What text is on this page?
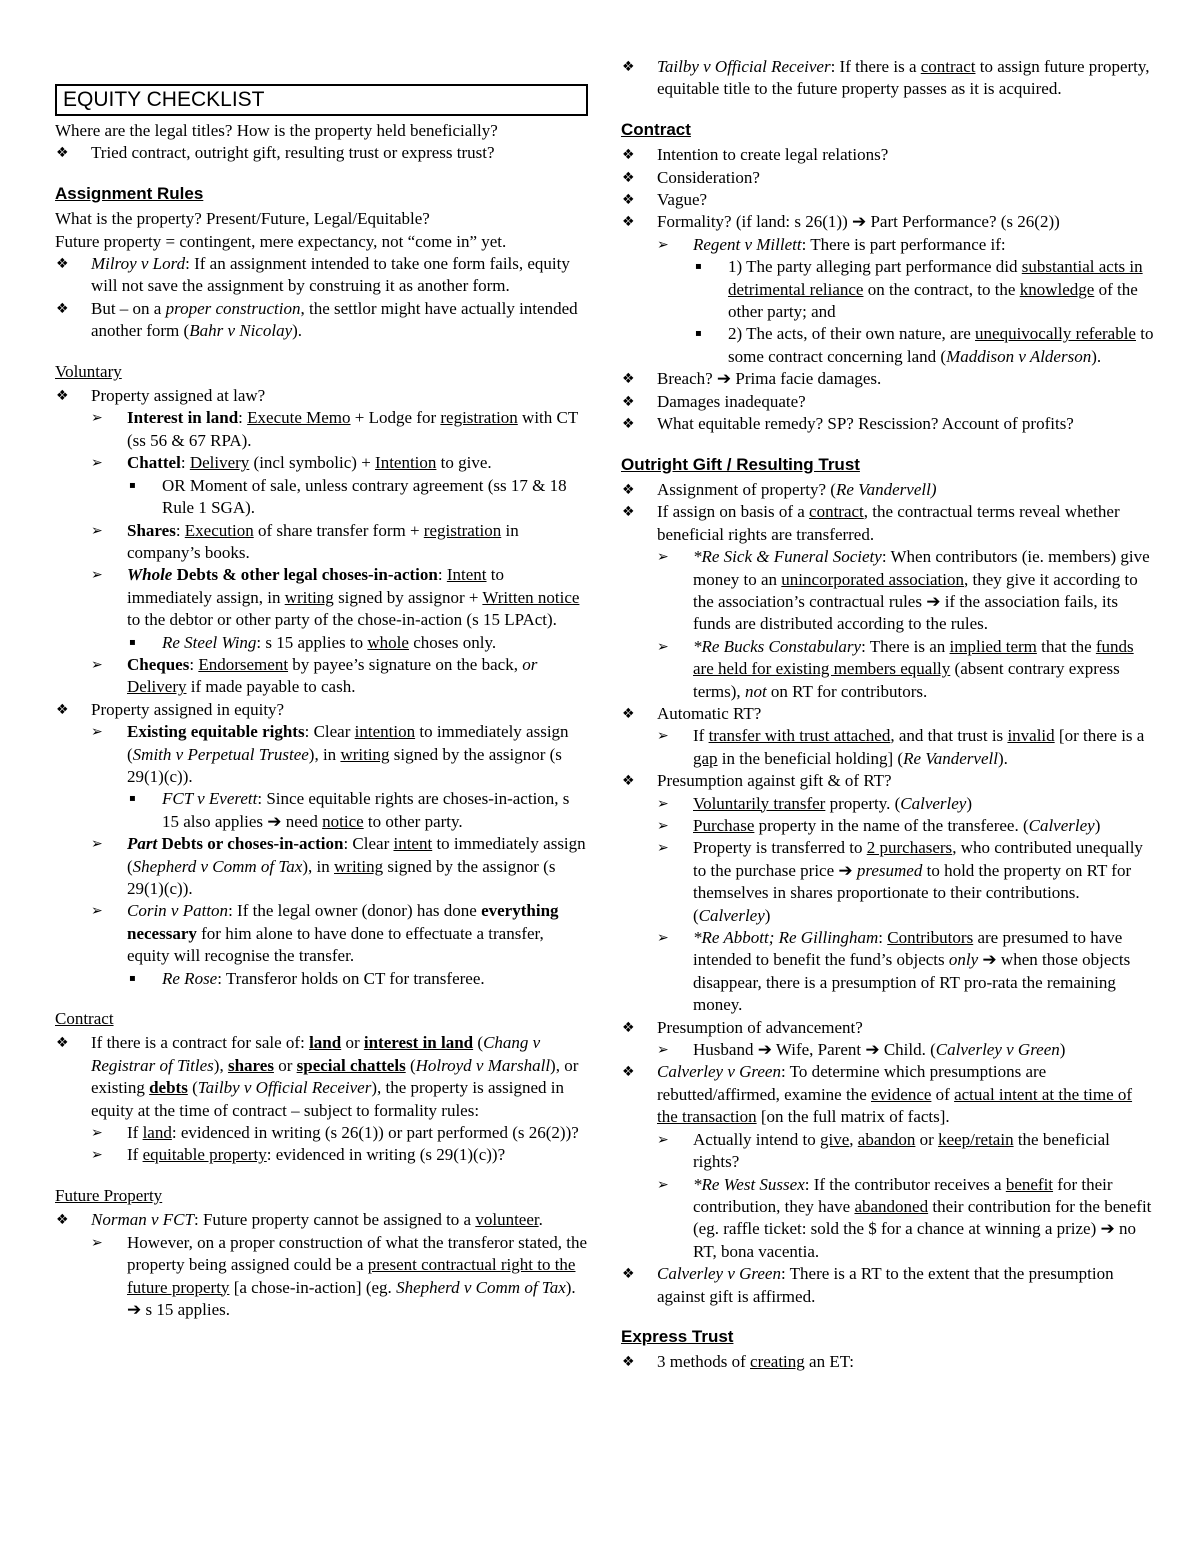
EQUITY CHECKLIST

Where are the legal titles? How is the property held beneficially?

❖	Tried contract, outright gift, resulting trust or express trust?
Assignment Rules

What is the property? Present/Future, Legal/Equitable?

Future property = contingent, mere expectancy, not “come in” yet.

❖	Milroy v Lord: If an assignment intended to take one form fails, equity will not save the assignment by construing it as another form.
❖	But – on a proper construction, the settlor might have actually intended another form (Bahr v Nicolay).
Voluntary
❖	Property assigned at law?
➢	Interest in land: Execute Memo + Lodge for registration with CT (ss 56 & 67 RPA).
➢	Chattel: Delivery (incl symbolic) + Intention to give.
▪	OR Moment of sale, unless contrary agreement (ss 17 & 18 Rule 1 SGA).
➢	Shares: Execution of share transfer form + registration in company’s books.
➢	Whole Debts & other legal choses-in-action: Intent to immediately assign, in writing signed by assignor + Written notice to the debtor or other party of the chose-in-action (s 15 LPAct).
▪	Re Steel Wing: s 15 applies to whole choses only.
➢	Cheques: Endorsement by payee’s signature on the back, or Delivery if made payable to cash.
❖	Property assigned in equity?
➢	Existing equitable rights: Clear intention to immediately assign (Smith v Perpetual Trustee), in writing signed by the assignor (s 29(1)(c)).
▪	FCT v Everett: Since equitable rights are choses-in-action, s 15 also applies ➔ need notice to other party.
➢	Part Debts or choses-in-action: Clear intent to immediately assign (Shepherd v Comm of Tax), in writing signed by the assignor (s 29(1)(c)).
➢	Corin v Patton: If the legal owner (donor) has done everything necessary for him alone to have done to effectuate a transfer, equity will recognise the transfer.
▪	Re Rose: Transferor holds on CT for transferee.
Contract
❖	If there is a contract for sale of: land or interest in land (Chang v Registrar of Titles), shares or special chattels (Holroyd v Marshall), or existing debts (Tailby v Official Receiver), the property is assigned in equity at the time of contract – subject to formality rules:
➢	If land: evidenced in writing (s 26(1)) or part performed (s 26(2))?
➢	If equitable property: evidenced in writing (s 29(1)(c))?
Future Property
❖	Norman v FCT: Future property cannot be assigned to a volunteer.
➢	However, on a proper construction of what the transferor stated, the property being assigned could be a present contractual right to the future property [a chose-in-action] (eg. Shepherd v Comm of Tax). ➔ s 15 applies.
❖	Tailby v Official Receiver: If there is a contract to assign future property, equitable title to the future property passes as it is acquired.
Contract
❖	Intention to create legal relations?
❖	Consideration?
❖	Vague?
❖	Formality? (if land: s 26(1)) ➔ Part Performance? (s 26(2))
➢	Regent v Millett: There is part performance if:
▪	1) The party alleging part performance did substantial acts in detrimental reliance on the contract, to the knowledge of the other party; and
▪	2) The acts, of their own nature, are unequivocally referable to some contract concerning land (Maddison v Alderson).
❖	Breach? ➔ Prima facie damages.
❖	Damages inadequate?
❖	What equitable remedy? SP? Rescission? Account of profits?
Outright Gift / Resulting Trust
❖	Assignment of property? (Re Vandervell)
❖	If assign on basis of a contract, the contractual terms reveal whether beneficial rights are transferred.
➢	*Re Sick & Funeral Society: When contributors (ie. members) give money to an unincorporated association, they give it according to the association’s contractual rules ➔ if the association fails, its funds are distributed according to the rules.
➢	*Re Bucks Constabulary: There is an implied term that the funds are held for existing members equally (absent contrary express terms), not on RT for contributors.
❖	Automatic RT?
➢	If transfer with trust attached, and that trust is invalid [or there is a gap in the beneficial holding] (Re Vandervell).
❖	Presumption against gift & of RT?
➢	Voluntarily transfer property. (Calverley)
➢	Purchase property in the name of the transferee. (Calverley)
➢	Property is transferred to 2 purchasers, who contributed unequally to the purchase price ➔ presumed to hold the property on RT for themselves in shares proportionate to their contributions. (Calverley)
➢	*Re Abbott; Re Gillingham: Contributors are presumed to have intended to benefit the fund’s objects only ➔ when those objects disappear, there is a presumption of RT pro-rata the remaining money.
❖	Presumption of advancement?
➢	Husband ➔ Wife, Parent ➔ Child. (Calverley v Green)
❖	Calverley v Green: To determine which presumptions are rebutted/affirmed, examine the evidence of actual intent at the time of the transaction [on the full matrix of facts].
➢	Actually intend to give, abandon or keep/retain the beneficial rights?
➢	*Re West Sussex: If the contributor receives a benefit for their contribution, they have abandoned their contribution for the benefit (eg. raffle ticket: sold the $ for a chance at winning a prize) ➔ no RT, bona vacentia.
❖	Calverley v Green: There is a RT to the extent that the presumption against gift is affirmed.
Express Trust
❖	3 methods of creating an ET:
